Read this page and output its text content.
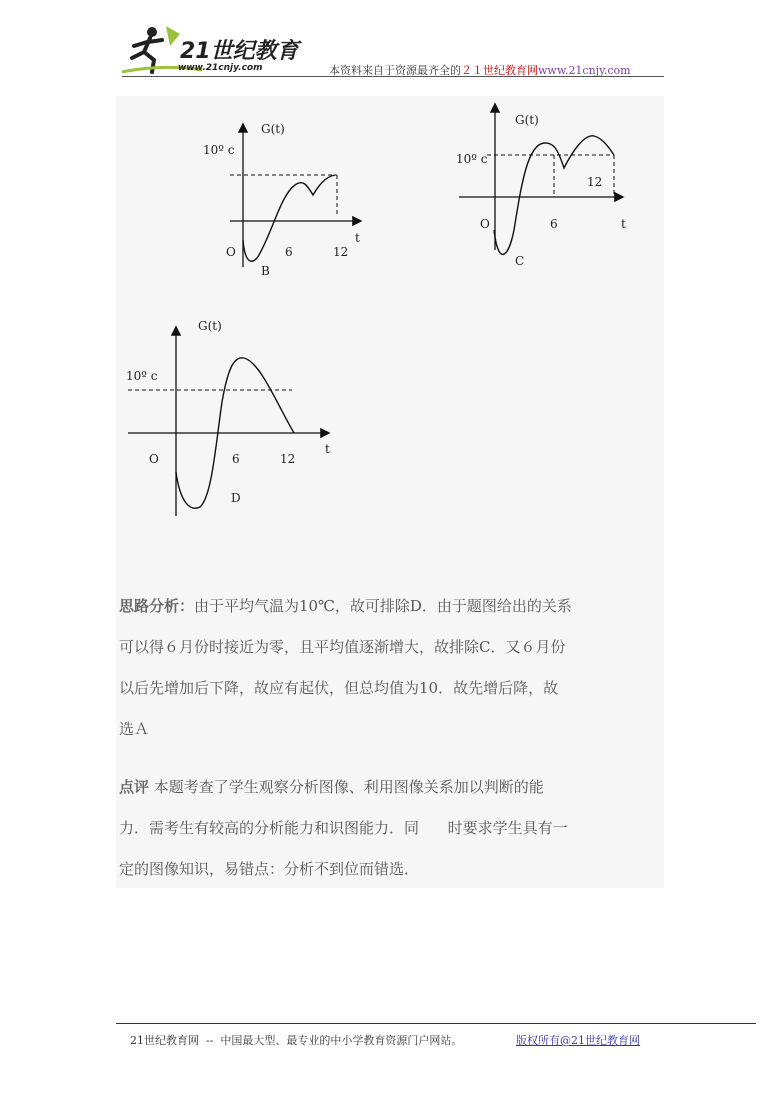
21世纪教育
www.21cnjy.com	本资料来自于资源最齐全的２１世纪教育网www.21cnjy.com
G(t)
10º c
O	6	12
t
B
G(t)
10º c
O	6
12
t
C
G(t)
10º c
O	6	12
t
D
思路分析：由于平均气温为10℃，故可排除D．由于题图给出的关系
可以得６月份时接近为零，且平均值逐渐增大，故排除C．又６月份
以后先增加后下降，故应有起伏，但总均值为10．故先增后降，故
选Ａ
点评 本题考查了学生观察分析图像、利用图像关系加以判断的能
力．需考生有较高的分析能力和识图能力．同      时要求学生具有一
定的图像知识，易错点：分析不到位而错选．
21世纪教育网  --  中国最大型、最专业的中小学教育资源门户网站。	版权所有@21世纪教育网
